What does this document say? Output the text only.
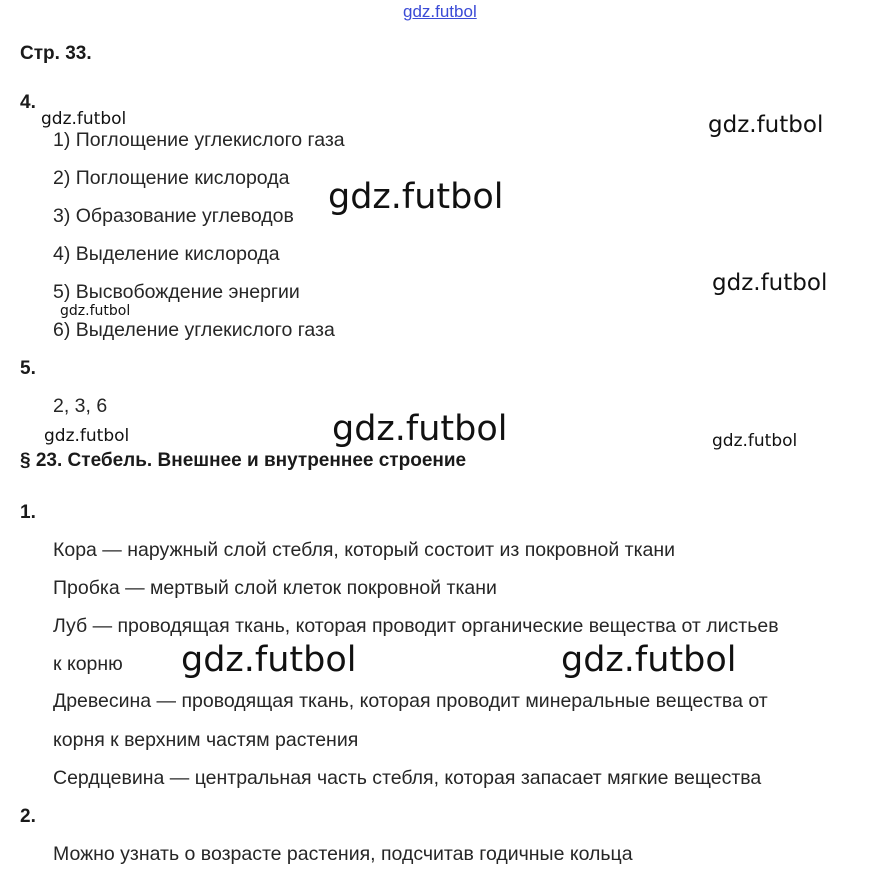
gdz.futbol
Стр. 33.
4.
1) Поглощение углекислого газа
2) Поглощение кислорода
3) Образование углеводов
4) Выделение кислорода
5) Высвобождение энергии
6) Выделение углекислого газа
5.
2, 3, 6
§ 23. Стебель. Внешнее и внутреннее строение
1.
Кора — наружный слой стебля, который состоит из покровной ткани
Пробка — мертвый слой клеток покровной ткани
Луб — проводящая ткань, которая проводит органические вещества от листьев
к корню
Древесина — проводящая ткань, которая проводит минеральные вещества от
корня к верхним частям растения
Сердцевина — центральная часть стебля, которая запасает мягкие вещества
2.
Можно узнать о возрасте растения, подсчитав годичные кольца
gdz.futbol	gdz.futbol
gdz.futbol
gdz.futbol
gdz.futbol
gdz.futbol
gdz.futbol	gdz.futbol
gdz.futbol	gdz.futbol
